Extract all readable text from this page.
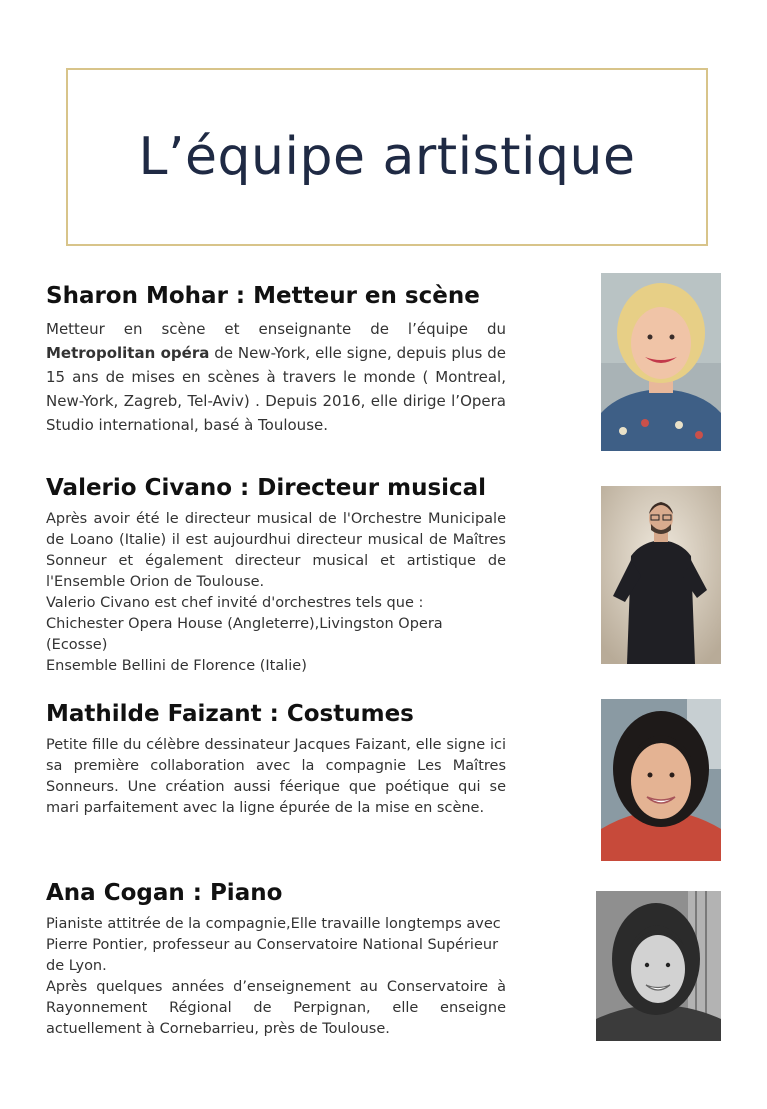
L’équipe artistique
Sharon Mohar : Metteur en scène

Metteur en scène et enseignante de l’équipe du Metropolitan opéra de New-York, elle signe, depuis plus de 15 ans de mises en scènes à travers le monde ( Montreal, New-York, Zagreb, Tel-Aviv) . Depuis 2016, elle dirige l’Opera Studio international, basé à Toulouse.

Valerio Civano : Directeur musical

Après avoir été le directeur musical de l'Orchestre Municipale de Loano (Italie) il est aujourdhui directeur musical de Maîtres Sonneur et également directeur musical et artistique de l'Ensemble Orion de Toulouse.

Valerio Civano est chef invité d'orchestres tels que :

Chichester Opera House (Angleterre),Livingston Opera (Ecosse)

Ensemble Bellini de Florence (Italie)

Mathilde Faizant : Costumes

Petite fille du célèbre dessinateur Jacques Faizant, elle signe ici sa première collaboration avec la compagnie Les Maîtres Sonneurs. Une création aussi féerique que poétique qui se mari parfaitement avec la ligne épurée de la mise en scène.

Ana Cogan : Piano

Pianiste attitrée de la compagnie,Elle travaille longtemps avec Pierre Pontier, professeur au Conservatoire National Supérieur de Lyon.

Après quelques années d’enseignement au Conservatoire à Rayonnement Régional de Perpignan, elle enseigne actuellement à Cornebarrieu, près de Toulouse.
